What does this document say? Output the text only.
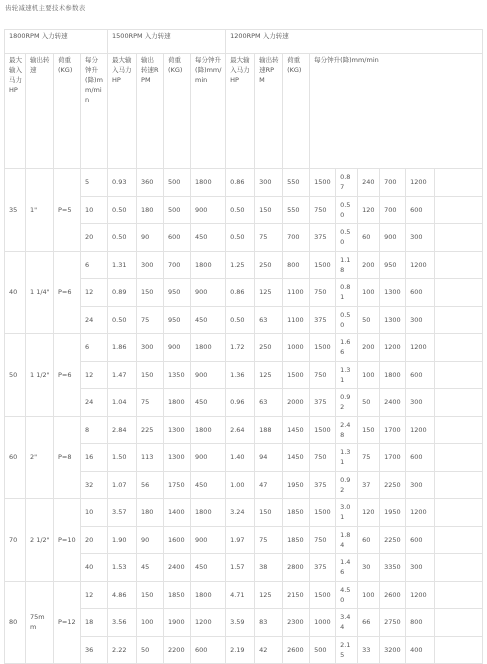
齿轮减速机主要技术参数表
1800RPM 入力转速				1500RPM 入力转速				1200RPM 入力转速								
最大输入马力HP	输出转速	荷重(KG)	每分钟升(降)mm/min	最大输入马力HP	输出转速RPM	荷重(KG)	每分钟升(降)mm/min	最大输入马力HP	输出转速RPM	荷重(KG)	每分钟升(降)mm/min					
35	1"	P=5	5	0.93	360	500	1800	0.86	300	550	1500	0.87	240	700	1200	
			10	0.50	180	500	900	0.50	150	550	750	0.50	120	700	600	
			20	0.50	90	600	450	0.50	75	700	375	0.50	60	900	300	
40	1 1/4"	P=6	6	1.31	300	700	1800	1.25	250	800	1500	1.18	200	950	1200	
			12	0.89	150	950	900	0.86	125	1100	750	0.81	100	1300	600	
			24	0.50	75	950	450	0.50	63	1100	375	0.50	50	1300	300	
50	1 1/2"	P=6	6	1.86	300	900	1800	1.72	250	1000	1500	1.66	200	1200	1200	
			12	1.47	150	1350	900	1.36	125	1500	750	1.31	100	1800	600	
			24	1.04	75	1800	450	0.96	63	2000	375	0.92	50	2400	300	
60	2"	P=8	8	2.84	225	1300	1800	2.64	188	1450	1500	2.48	150	1700	1200	
			16	1.50	113	1300	900	1.40	94	1450	750	1.31	75	1700	600	
			32	1.07	56	1750	450	1.00	47	1950	375	0.92	37	2250	300	
70	2 1/2"	P=10	10	3.57	180	1400	1800	3.24	150	1850	1500	3.01	120	1950	1200	
			20	1.90	90	1600	900	1.97	75	1850	750	1.84	60	2250	600	
			40	1.53	45	2400	450	1.57	38	2800	375	1.46	30	3350	300	
80	75mm	P=12	12	4.86	150	1850	1800	4.71	125	2150	1500	4.50	100	2600	1200	
			18	3.56	100	1900	1200	3.59	83	2300	1000	3.44	66	2750	800	
			36	2.22	50	2200	600	2.19	42	2600	500	2.15	33	3200	400	
